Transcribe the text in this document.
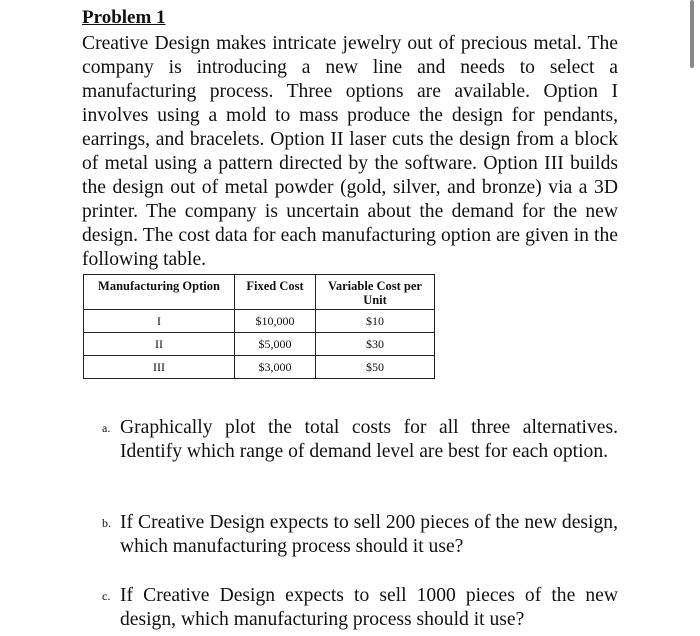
Problem 1

Creative Design makes intricate jewelry out of precious metal. The company is introducing a new line and needs to select a manufacturing process. Three options are available. Option I involves using a mold to mass produce the design for pendants, earrings, and bracelets. Option II laser cuts the design from a block of metal using a pattern directed by the software. Option III builds the design out of metal powder (gold, silver, and bronze) via a 3D printer. The company is uncertain about the demand for the new design. The cost data for each manufacturing option are given in the following table.

Manufacturing Option	Fixed Cost	Variable Cost per Unit
I	$10,000	$10
II	$5,000	$30
III	$3,000	$50
a. Graphically plot the total costs for all three alternatives. Identify which range of demand level are best for each option.
b. If Creative Design expects to sell 200 pieces of the new design, which manufacturing process should it use?
c. If Creative Design expects to sell 1000 pieces of the new design, which manufacturing process should it use?
